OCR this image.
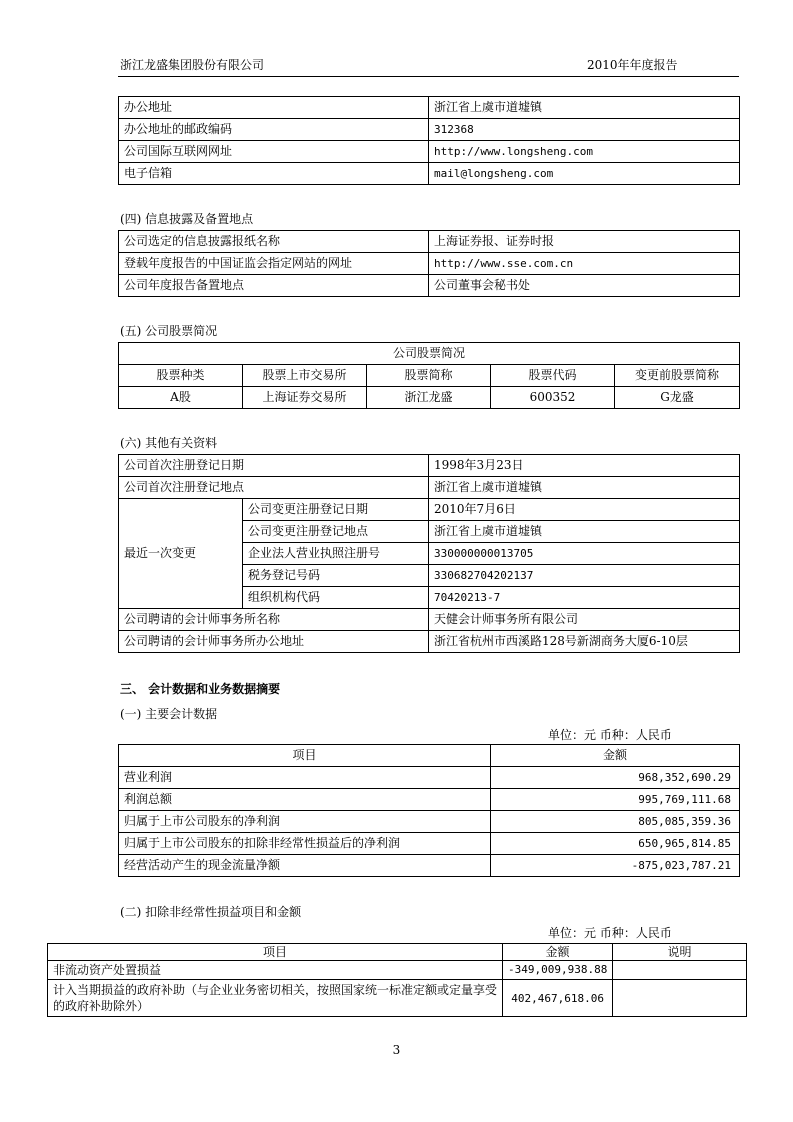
浙江龙盛集团股份有限公司	2010年年度报告
办公地址	浙江省上虞市道墟镇
办公地址的邮政编码	312368
公司国际互联网网址	http://www.longsheng.com
电子信箱	mail@longsheng.com
(四) 信息披露及备置地点
公司选定的信息披露报纸名称	上海证券报、证券时报
登载年度报告的中国证监会指定网站的网址	http://www.sse.com.cn
公司年度报告备置地点	公司董事会秘书处
(五) 公司股票简况
公司股票简况				
股票种类	股票上市交易所	股票简称	股票代码	变更前股票简称
A股	上海证券交易所	浙江龙盛	600352	G龙盛
(六) 其他有关资料
公司首次注册登记日期		1998年3月23日
公司首次注册登记地点		浙江省上虞市道墟镇
最近一次变更	公司变更注册登记日期	2010年7月6日
	公司变更注册登记地点	浙江省上虞市道墟镇
	企业法人营业执照注册号	330000000013705
	税务登记号码	330682704202137
	组织机构代码	70420213-7
公司聘请的会计师事务所名称		天健会计师事务所有限公司
公司聘请的会计师事务所办公地址		浙江省杭州市西溪路128号新湖商务大厦6-10层
三、 会计数据和业务数据摘要
(一) 主要会计数据
单位：元 币种：人民币
项目	金额
营业利润	968,352,690.29
利润总额	995,769,111.68
归属于上市公司股东的净利润	805,085,359.36
归属于上市公司股东的扣除非经常性损益后的净利润	650,965,814.85
经营活动产生的现金流量净额	-875,023,787.21
(二) 扣除非经常性损益项目和金额
单位：元 币种：人民币
项目	金额	说明
非流动资产处置损益	-349,009,938.88	
计入当期损益的政府补助（与企业业务密切相关，按照国家统一标准定额或定量享受的政府补助除外）	402,467,618.06	
3
